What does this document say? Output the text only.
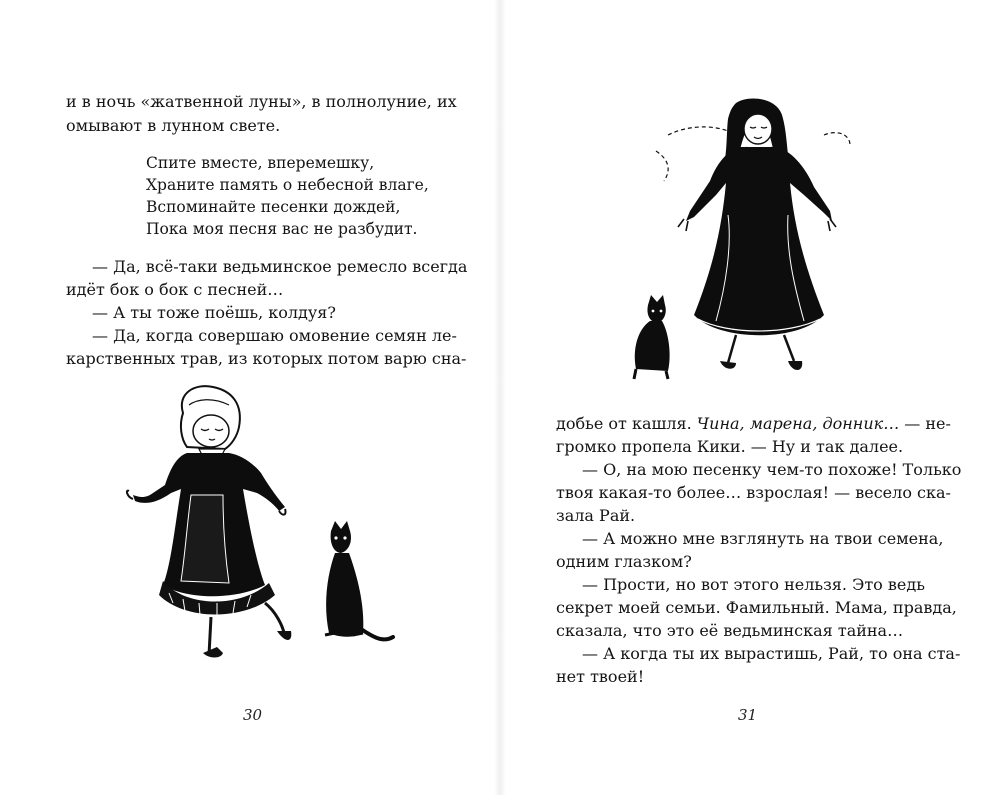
и в ночь «жатвенной луны», в полнолуние, их

омывают в лунном свете.

Спите вместе, вперемешку,

Храните память о небесной влаге,

Вспоминайте песенки дождей,

Пока моя песня вас не разбудит.

— Да, всё-таки ведьминское ремесло всегда

идёт бок о бок с песней…

— А ты тоже поёшь, колдуя?

— Да, когда совершаю омовение семян ле-

карственных трав, из которых потом варю сна-

30

добье от кашля. Чина, марена, донник… — не-

громко пропела Кики. — Ну и так далее.

— О, на мою песенку чем-то похоже! Только

твоя какая-то более… взрослая! — весело ска-

зала Рай.

— А можно мне взглянуть на твои семена,

одним глазком?

— Прости, но вот этого нельзя. Это ведь

секрет моей семьи. Фамильный. Мама, правда,

сказала, что это её ведьминская тайна…

— А когда ты их вырастишь, Рай, то она ста-

нет твоей!

31
